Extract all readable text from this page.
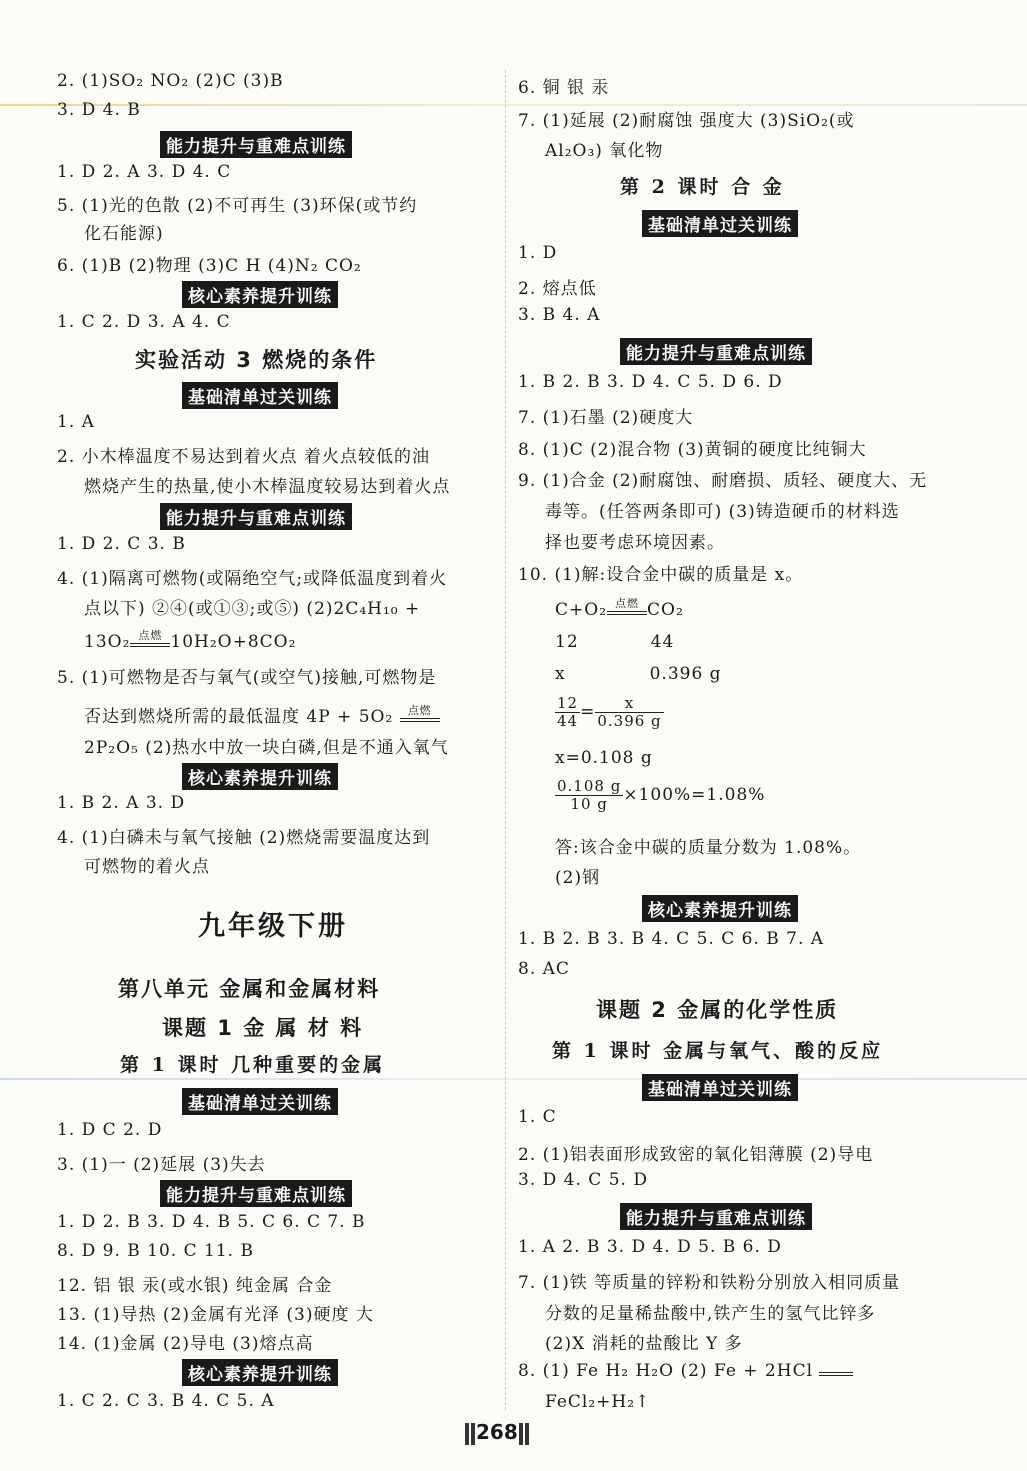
2. (1)SO₂ NO₂ (2)C (3)B
3. D 4. B
能力提升与重难点训练
1. D 2. A 3. D 4. C
5. (1)光的色散 (2)不可再生 (3)环保(或节约
化石能源)
6. (1)B (2)物理 (3)C H (4)N₂ CO₂
核心素养提升训练
1. C 2. D 3. A 4. C
实验活动 3 燃烧的条件
基础清单过关训练
1. A
2. 小木棒温度不易达到着火点 着火点较低的油
燃烧产生的热量,使小木棒温度较易达到着火点
能力提升与重难点训练
1. D 2. C 3. B
4. (1)隔离可燃物(或隔绝空气;或降低温度到着火
点以下) ②④(或①③;或⑤) (2)2C₄H₁₀ +
13O₂ 点燃 10H₂O+8CO₂
5. (1)可燃物是否与氧气(或空气)接触,可燃物是
否达到燃烧所需的最低温度 4P + 5O₂	点燃
2P₂O₅ (2)热水中放一块白磷,但是不通入氧气
核心素养提升训练
1. B 2. A 3. D
4. (1)白磷未与氧气接触 (2)燃烧需要温度达到
可燃物的着火点
九年级下册
第八单元 金属和金属材料
课题 1 金 属 材 料
第 1 课时 几种重要的金属
基础清单过关训练
1. D C 2. D
3. (1)一 (2)延展 (3)失去
能力提升与重难点训练
1. D 2. B 3. D 4. B 5. C 6. C 7. B
8. D 9. B 10. C 11. B
12. 铝 银 汞(或水银) 纯金属 合金
13. (1)导热 (2)金属有光泽 (3)硬度 大
14. (1)金属 (2)导电 (3)熔点高
核心素养提升训练
1. C 2. C 3. B 4. C 5. A
6. 铜 银 汞
7. (1)延展 (2)耐腐蚀 强度大 (3)SiO₂(或
Al₂O₃) 氧化物
第 2 课时 合 金
基础清单过关训练
1. D
2. 熔点低
3. B 4. A
能力提升与重难点训练
1. B 2. B 3. D 4. C 5. D 6. D
7. (1)石墨 (2)硬度大
8. (1)C (2)混合物 (3)黄铜的硬度比纯铜大
9. (1)合金 (2)耐腐蚀、耐磨损、质轻、硬度大、无
毒等。(任答两条即可) (3)铸造硬币的材料选
择也要考虑环境因素。
10. (1)解:设合金中碳的质量是 x。
C+O₂ 点燃 CO₂
12	44
x	0.396 g
$\frac{12}{44} = \frac{x}{0.396 g}$
x=0.108 g
$\frac{0.108 g}{10 g} \times 100\%=1.08\%$
答:该合金中碳的质量分数为 1.08%。
(2)钢
核心素养提升训练
1. B 2. B 3. B 4. C 5. C 6. B 7. A
8. AC
课题 2 金属的化学性质
第 1 课时 金属与氧气、酸的反应
基础清单过关训练
1. C
2. (1)铝表面形成致密的氧化铝薄膜 (2)导电
3. D 4. C 5. D
能力提升与重难点训练
1. A 2. B 3. D 4. D 5. B 6. D
7. (1)铁 等质量的锌粉和铁粉分别放入相同质量
分数的足量稀盐酸中,铁产生的氢气比锌多
(2)X 消耗的盐酸比 Y 多
8. (1) Fe H₂ H₂O (2) Fe + 2HCl
FeCl₂+H₂↑
268
